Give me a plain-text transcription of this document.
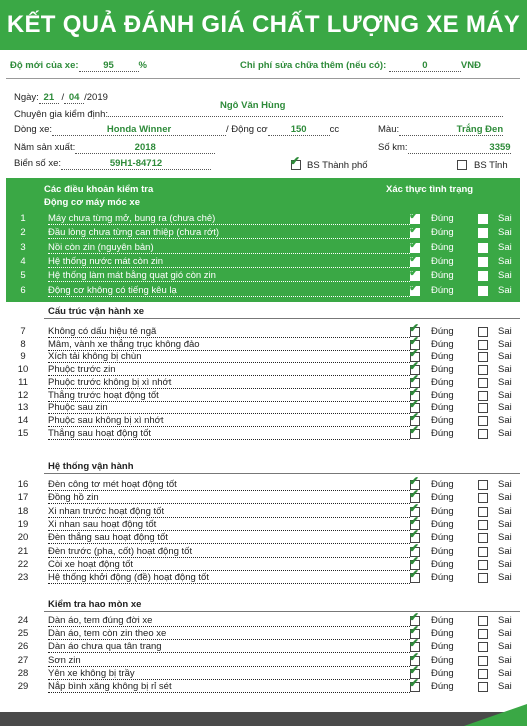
KẾT QUẢ ĐÁNH GIÁ CHẤT LƯỢNG XE MÁY
Độ mới của xe:	95	%	Chi phí sửa chữa thêm (nếu có):	0	VNĐ
Ngày: 21 / 04 /2019
Chuyên gia kiểm định:
Ngô Văn Hùng
Dòng xe:	Honda Winner	/ Động cơ 150 cc	Màu:	Trắng Đen
Năm sản xuất:	2018	Số km:	3359
Biển số xe:	59H1-84712	✔ BS Thành phố	BS Tỉnh
Các điều khoản kiểm tra	Xác thực tình trạng
Động cơ máy móc xe
1	Máy chưa từng mở, bung ra (chưa chẻ)	✔ Đúng	Sai
2	Đầu lòng chưa từng can thiệp (chưa rớt)	✔ Đúng	Sai
3	Nồi còn zin (nguyên bản)	✔ Đúng	Sai
4	Hệ thống nước mát còn zin	✔ Đúng	Sai
5	Hệ thống làm mát bằng quạt gió còn zin	✔ Đúng	Sai
6	Động cơ không có tiếng kêu lạ	✔ Đúng	Sai
Cấu trúc vận hành xe
7	Không có dấu hiệu té ngã	✔ Đúng	Sai
8	Mâm, vành xe thẳng trục không đảo	✔ Đúng	Sai
9	Xích tải không bị chùn	✔ Đúng	Sai
10	Phuộc trước zin	✔ Đúng	Sai
11	Phuộc trước không bị xì nhớt	✔ Đúng	Sai
12	Thắng trước hoạt động tốt	✔ Đúng	Sai
13	Phuộc sau zin	✔ Đúng	Sai
14	Phuộc sau không bị xì nhớt	✔ Đúng	Sai
15	Thắng sau hoạt động tốt	✔ Đúng	Sai
Hệ thống vận hành
16	Đèn công tơ mét hoạt động tốt	✔ Đúng	Sai
17	Đồng hồ zin	✔ Đúng	Sai
18	Xi nhan trước hoạt động tốt	✔ Đúng	Sai
19	Xi nhan sau hoạt động tốt	✔ Đúng	Sai
20	Đèn thắng sau hoạt động tốt	✔ Đúng	Sai
21	Đèn trước (pha, cốt) hoạt động tốt	✔ Đúng	Sai
22	Còi xe hoạt động tốt	✔ Đúng	Sai
23	Hệ thống khởi động (đề) hoạt động tốt	✔ Đúng	Sai
Kiểm tra hao mòn xe
24	Dàn áo, tem đúng đời xe	✔ Đúng	Sai
25	Dàn áo, tem còn zin theo xe	✔ Đúng	Sai
26	Dàn áo chưa qua tân trang	✔ Đúng	Sai
27	Sơn zin	✔ Đúng	Sai
28	Yên xe không bị trầy	✔ Đúng	Sai
29	Nắp bình xăng không bị rỉ sét	✔ Đúng	Sai
